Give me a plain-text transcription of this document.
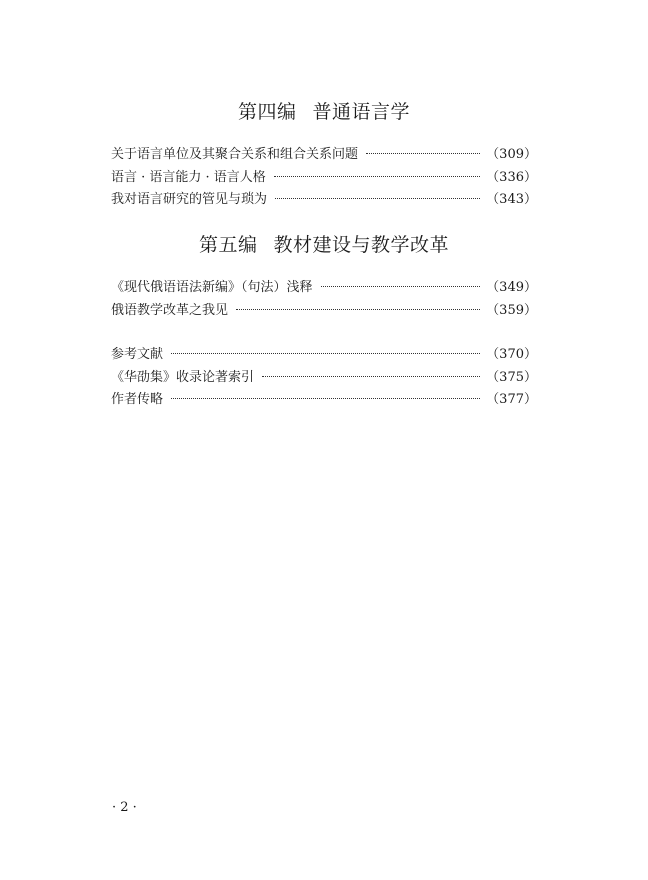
第四编 普通语言学
关于语言单位及其聚合关系和组合关系问题	（309）
语言 · 语言能力 · 语言人格	（336）
我对语言研究的管见与琐为	（343）
第五编 教材建设与教学改革
《现代俄语语法新编》（句法）浅释	（349）
俄语教学改革之我见	（359）
参考文献	（370）
《华劭集》收录论著索引	（375）
作者传略	（377）
· 2 ·
